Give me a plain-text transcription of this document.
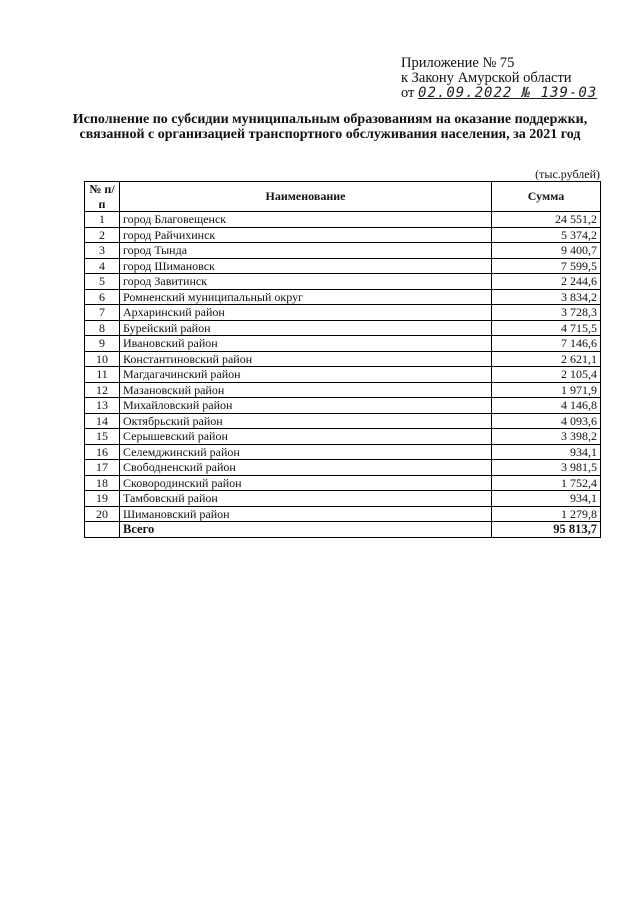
Приложение № 75
к Закону Амурской области
от 02.09.2022 № 139-03
Исполнение по субсидии муниципальным образованиям на оказание поддержки, связанной с организацией транспортного обслуживания населения, за 2021 год
(тыс.рублей)
№ п/п	Наименование	Сумма
1	город Благовещенск	24 551,2
2	город Райчихинск	5 374,2
3	город Тында	9 400,7
4	город Шимановск	7 599,5
5	город Завитинск	2 244,6
6	Ромненский муниципальный округ	3 834,2
7	Архаринский район	3 728,3
8	Бурейский район	4 715,5
9	Ивановский район	7 146,6
10	Константиновский район	2 621,1
11	Магдагачинский район	2 105,4
12	Мазановский район	1 971,9
13	Михайловский район	4 146,8
14	Октябрьский район	4 093,6
15	Серышевский район	3 398,2
16	Селемджинский район	934,1
17	Свободненский район	3 981,5
18	Сковородинский район	1 752,4
19	Тамбовский район	934,1
20	Шимановский район	1 279,8
	Всего	95 813,7
